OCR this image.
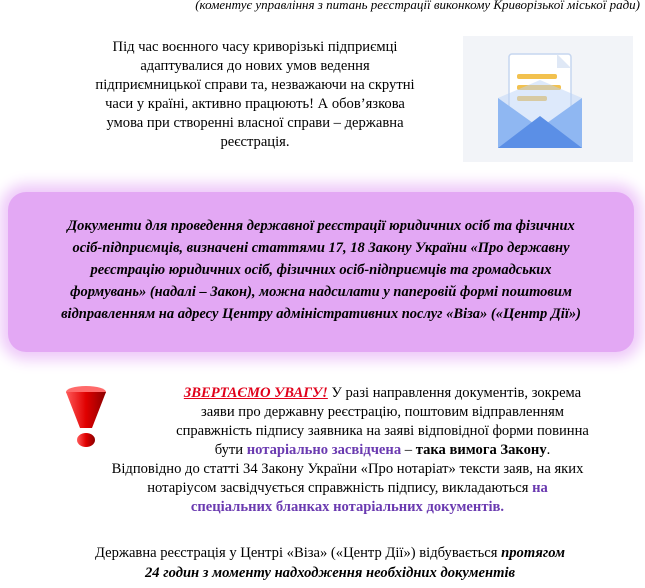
(коментує управління з питань реєстрації виконкому Криворізької міської ради)
Під час воєнного часу криворізькі підприємці
адаптувалися до нових умов ведення
підприємницької справи та, незважаючи на скрутні
часи у країні, активно працюють! А обов’язкова
умова при створенні власної справи – державна
реєстрація.
Документи для проведення державної реєстрації юридичних осіб та фізичних
осіб-підприємців, визначені статтями 17, 18 Закону України «Про державну
реєстрацію юридичних осіб, фізичних осіб-підприємців та громадських
формувань» (надалі – Закон), можна надсилати у паперовій формі поштовим
відправленням на адресу Центру адміністративних послуг «Віза» («Центр Дії»)
ЗВЕРТАЄМО УВАГУ! У разі направлення документів, зокрема
заяви про державну реєстрацію, поштовим відправленням
справжність підпису заявника на заяві відповідної форми повинна
бути нотаріально засвідчена – така вимога Закону.
Відповідно до статті 34 Закону України «Про нотаріат» тексти заяв, на яких
нотаріусом засвідчується справжність підпису, викладаються на
спеціальних бланках нотаріальних документів.
Державна реєстрація у Центрі «Віза» («Центр Дії») відбувається протягом
24 годин з моменту надходження необхідних документів
